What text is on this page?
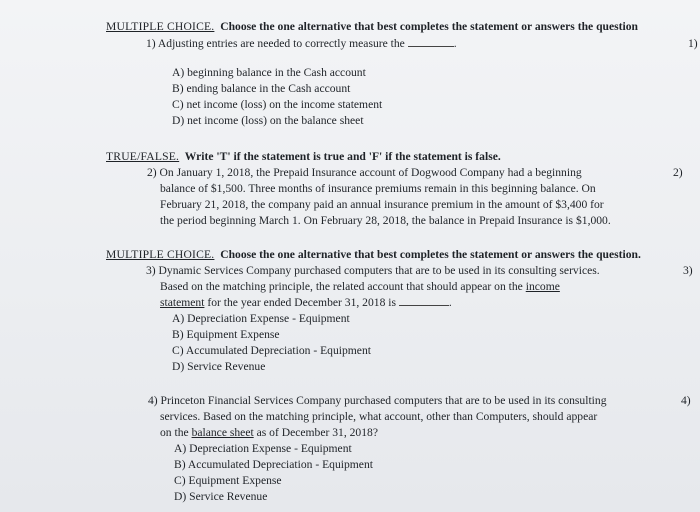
MULTIPLE CHOICE. Choose the one alternative that best completes the statement or answers the question
1) Adjusting entries are needed to correctly measure the	.	1)
A) beginning balance in the Cash account
B) ending balance in the Cash account
C) net income (loss) on the income statement
D) net income (loss) on the balance sheet
TRUE/FALSE. Write 'T' if the statement is true and 'F' if the statement is false.
2) On January 1, 2018, the Prepaid Insurance account of Dogwood Company had a beginning	2)
balance of $1,500. Three months of insurance premiums remain in this beginning balance. On
February 21, 2018, the company paid an annual insurance premium in the amount of $3,400 for
the period beginning March 1. On February 28, 2018, the balance in Prepaid Insurance is $1,000.
MULTIPLE CHOICE. Choose the one alternative that best completes the statement or answers the question.
3) Dynamic Services Company purchased computers that are to be used in its consulting services.	3)
Based on the matching principle, the related account that should appear on the income
statement for the year ended December 31, 2018 is	.
A) Depreciation Expense - Equipment
B) Equipment Expense
C) Accumulated Depreciation - Equipment
D) Service Revenue
4) Princeton Financial Services Company purchased computers that are to be used in its consulting	4)
services. Based on the matching principle, what account, other than Computers, should appear
on the balance sheet as of December 31, 2018?
A) Depreciation Expense - Equipment
B) Accumulated Depreciation - Equipment
C) Equipment Expense
D) Service Revenue
